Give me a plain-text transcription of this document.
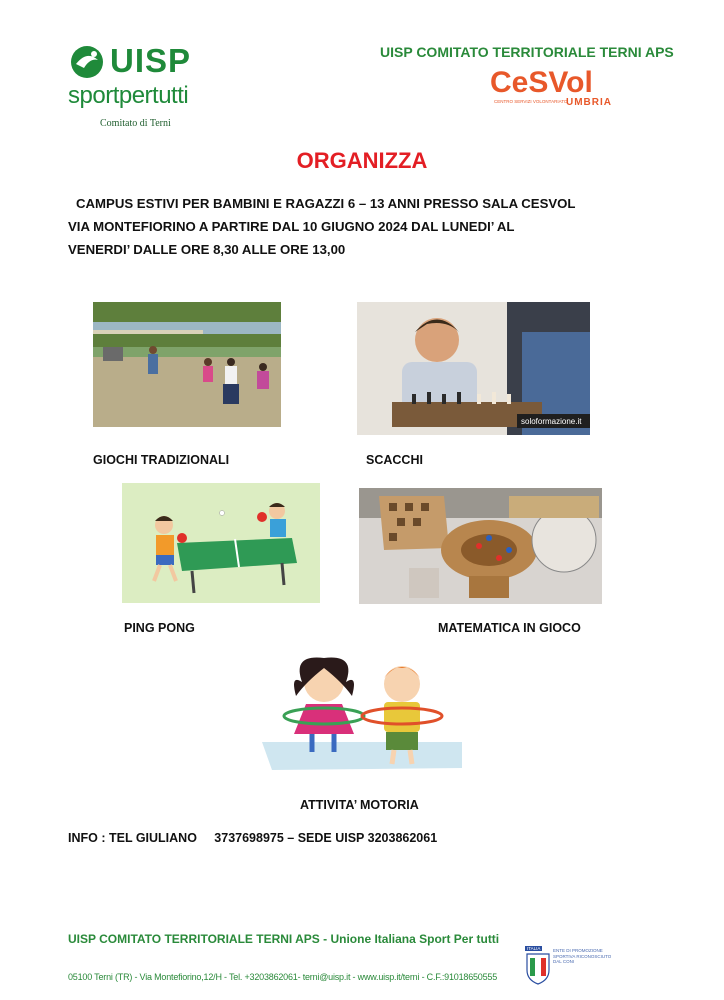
UISP
sportpertutti
Comitato di Terni
UISP COMITATO TERRITORIALE TERNI APS
CeSVol
CENTRO SERVIZI VOLONTARIATO
UMBRIA
ORGANIZZA
CAMPUS ESTIVI PER BAMBINI E RAGAZZI 6 – 13 ANNI PRESSO SALA CESVOL
VIA MONTEFIORINO A PARTIRE DAL 10 GIUGNO 2024 DAL LUNEDI’ AL
VENERDI’ DALLE ORE 8,30 ALLE ORE 13,00
soloformazione.it
GIOCHI TRADIZIONALI	SCACCHI
PING PONG	MATEMATICA IN GIOCO
ATTIVITA’ MOTORIA
INFO : TEL GIULIANO     3737698975 – SEDE UISP 3203862061
UISP COMITATO TERRITORIALE TERNI APS - Unione Italiana Sport Per tutti
ITALIA	ENTE DI PROMOZIONE SPORTIVA RICONOSCIUTO DAL CONI
05100 Terni (TR) - Via Montefiorino,12/H - Tel. +3203862061- terni@uisp.it - www.uisp.it/terni - C.F.:91018650555
